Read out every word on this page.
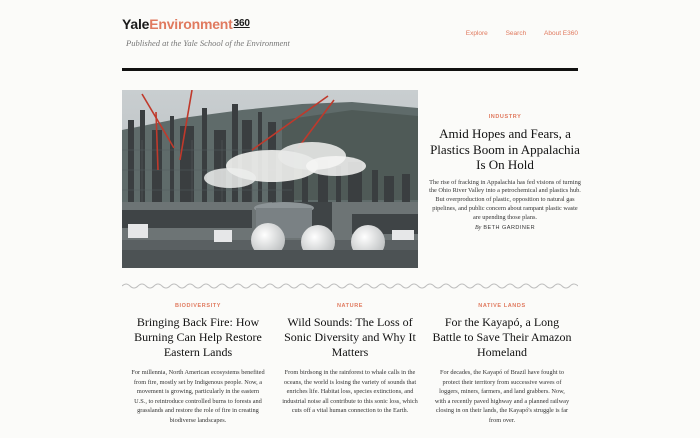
YaleEnvironment$^{360}$
Published at the Yale School of the Environment
Explore	Search	About E360
INDUSTRY
Amid Hopes and Fears, a Plastics Boom in Appalachia Is On Hold
The rise of fracking in Appalachia has fed visions of turning the Ohio River Valley into a petrochemical and plastics hub. But overproduction of plastic, opposition to natural gas pipelines, and public concern about rampant plastic waste are upending those plans.
By BETH GARDINER
BIODIVERSITY
Bringing Back Fire: How Burning Can Help Restore Eastern Lands
For millennia, North American ecosystems benefited from fire, mostly set by Indigenous people. Now, a movement is growing, particularly in the eastern U.S., to reintroduce controlled burns to forests and grasslands and restore the role of fire in creating biodiverse landscapes.
NATURE
Wild Sounds: The Loss of Sonic Diversity and Why It Matters
From birdsong in the rainforest to whale calls in the oceans, the world is losing the variety of sounds that enriches life. Habitat loss, species extinctions, and industrial noise all contribute to this sonic loss, which cuts off a vital human connection to the Earth.
NATIVE LANDS
For the Kayapó, a Long Battle to Save Their Amazon Homeland
For decades, the Kayapó of Brazil have fought to protect their territory from successive waves of loggers, miners, farmers, and land grabbers. Now, with a recently paved highway and a planned railway closing in on their lands, the Kayapó's struggle is far from over.
